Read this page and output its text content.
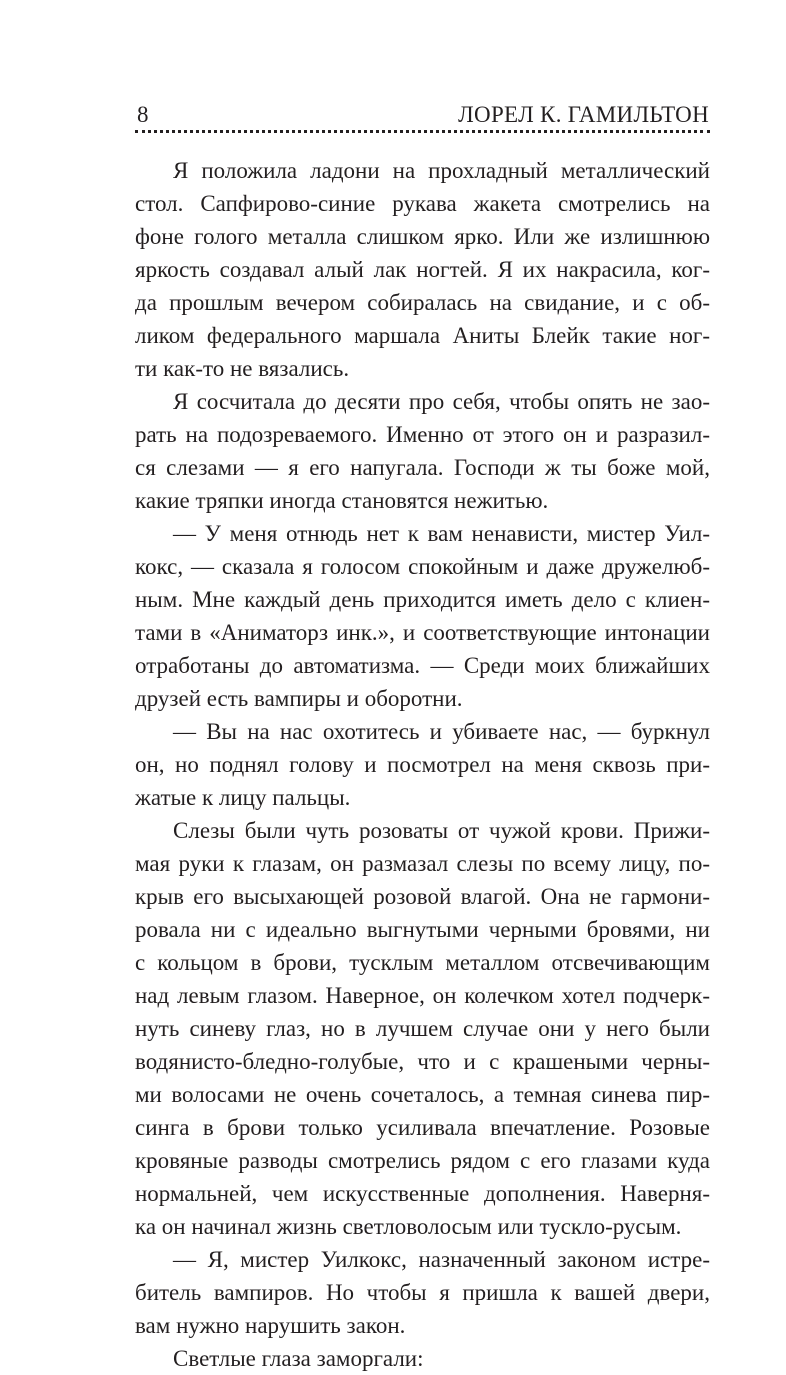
8	ЛОРЕЛ К. ГАМИЛЬТОН
Я положила ладони на прохладный металлический
стол. Сапфирово-синие рукава жакета смотрелись на
фоне голого металла слишком ярко. Или же излишнюю
яркость создавал алый лак ногтей. Я их накрасила, ког-
да прошлым вечером собиралась на свидание, и с об-
ликом федерального маршала Аниты Блейк такие ног-
ти как-то не вязались.
Я сосчитала до десяти про себя, чтобы опять не зао-
рать на подозреваемого. Именно от этого он и разразил-
ся слезами — я его напугала. Господи ж ты боже мой,
какие тряпки иногда становятся нежитью.
— У меня отнюдь нет к вам ненависти, мистер Уил-
кокс, — сказала я голосом спокойным и даже дружелюб-
ным. Мне каждый день приходится иметь дело с клиен-
тами в «Аниматорз инк.», и соответствующие интонации
отработаны до автоматизма. — Среди моих ближайших
друзей есть вампиры и оборотни.
— Вы на нас охотитесь и убиваете нас, — буркнул
он, но поднял голову и посмотрел на меня сквозь при-
жатые к лицу пальцы.
Слезы были чуть розоваты от чужой крови. Прижи-
мая руки к глазам, он размазал слезы по всему лицу, по-
крыв его высыхающей розовой влагой. Она не гармони-
ровала ни с идеально выгнутыми черными бровями, ни
с кольцом в брови, тусклым металлом отсвечивающим
над левым глазом. Наверное, он колечком хотел подчерк-
нуть синеву глаз, но в лучшем случае они у него были
водянисто-бледно-голубые, что и с крашеными черны-
ми волосами не очень сочеталось, а темная синева пир-
синга в брови только усиливала впечатление. Розовые
кровяные разводы смотрелись рядом с его глазами куда
нормальней, чем искусственные дополнения. Наверня-
ка он начинал жизнь светловолосым или тускло-русым.
— Я, мистер Уилкокс, назначенный законом истре-
битель вампиров. Но чтобы я пришла к вашей двери,
вам нужно нарушить закон.
Светлые глаза заморгали:
